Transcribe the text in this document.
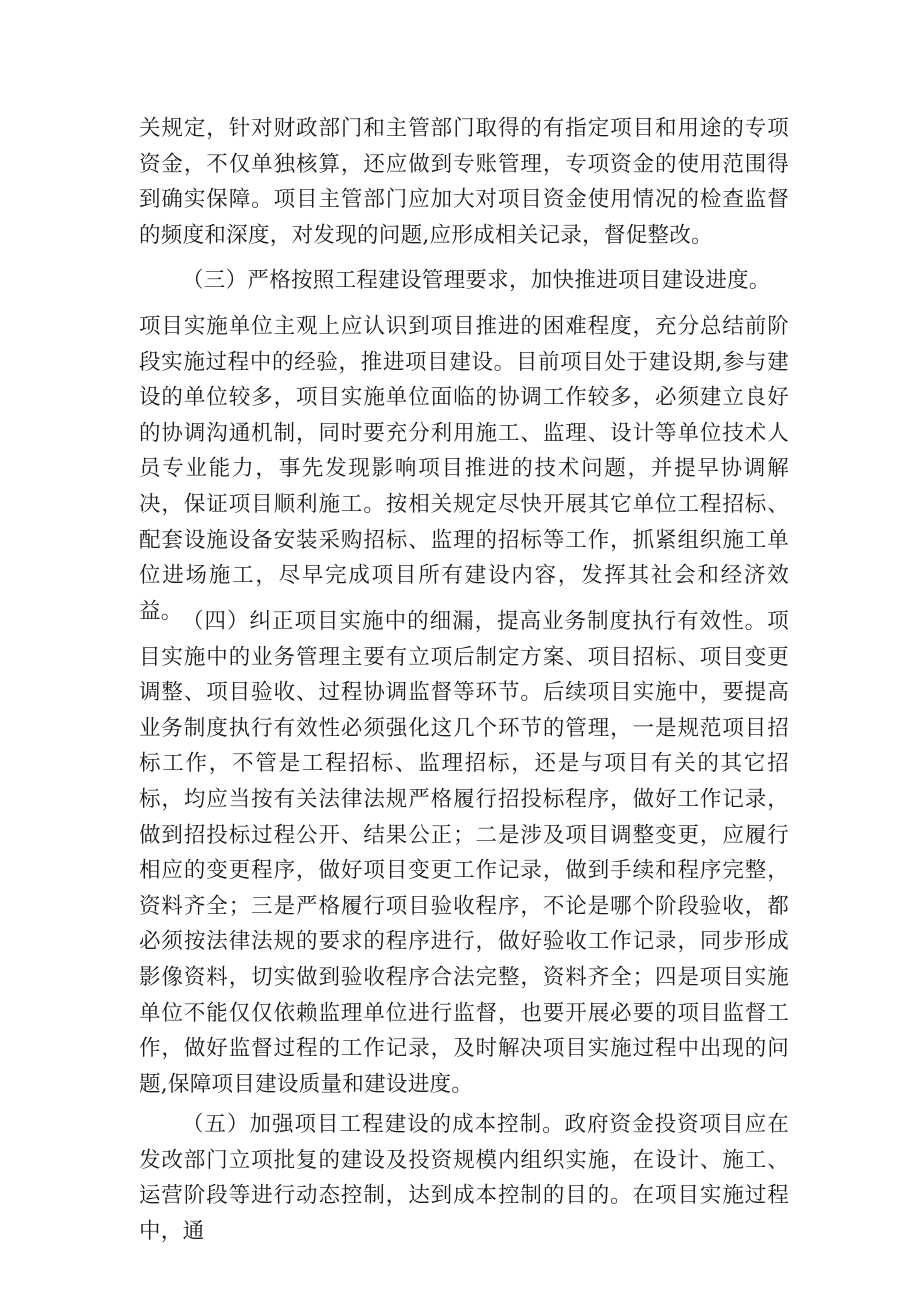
关规定，针对财政部门和主管部门取得的有指定项目和用途的专项资金，不仅单独核算，还应做到专账管理，专项资金的使用范围得到确实保障。项目主管部门应加大对项目资金使用情况的检查监督的频度和深度，对发现的问题,应形成相关记录，督促整改。

（三）严格按照工程建设管理要求，加快推进项目建设进度。

项目实施单位主观上应认识到项目推进的困难程度，充分总结前阶段实施过程中的经验，推进项目建设。目前项目处于建设期,参与建设的单位较多，项目实施单位面临的协调工作较多，必须建立良好的协调沟通机制，同时要充分利用施工、监理、设计等单位技术人员专业能力，事先发现影响项目推进的技术问题，并提早协调解决，保证项目顺利施工。按相关规定尽快开展其它单位工程招标、配套设施设备安装采购招标、监理的招标等工作，抓紧组织施工单位进场施工，尽早完成项目所有建设内容，发挥其社会和经济效益。 （四）纠正项目实施中的细漏，提高业务制度执行有效性。项目实施中的业务管理主要有立项后制定方案、项目招标、项目变更调整、项目验收、过程协调监督等环节。后续项目实施中，要提高业务制度执行有效性必须强化这几个环节的管理，一是规范项目招标工作，不管是工程招标、监理招标，还是与项目有关的其它招标，均应当按有关法律法规严格履行招投标程序，做好工作记录，做到招投标过程公开、结果公正；二是涉及项目调整变更，应履行相应的变更程序，做好项目变更工作记录，做到手续和程序完整，资料齐全；三是严格履行项目验收程序，不论是哪个阶段验收，都必须按法律法规的要求的程序进行，做好验收工作记录，同步形成影像资料，切实做到验收程序合法完整，资料齐全；四是项目实施单位不能仅仅依赖监理单位进行监督，也要开展必要的项目监督工作，做好监督过程的工作记录，及时解决项目实施过程中出现的问题,保障项目建设质量和建设进度。

（五）加强项目工程建设的成本控制。政府资金投资项目应在发改部门立项批复的建设及投资规模内组织实施，在设计、施工、运营阶段等进行动态控制，达到成本控制的目的。在项目实施过程中，通
